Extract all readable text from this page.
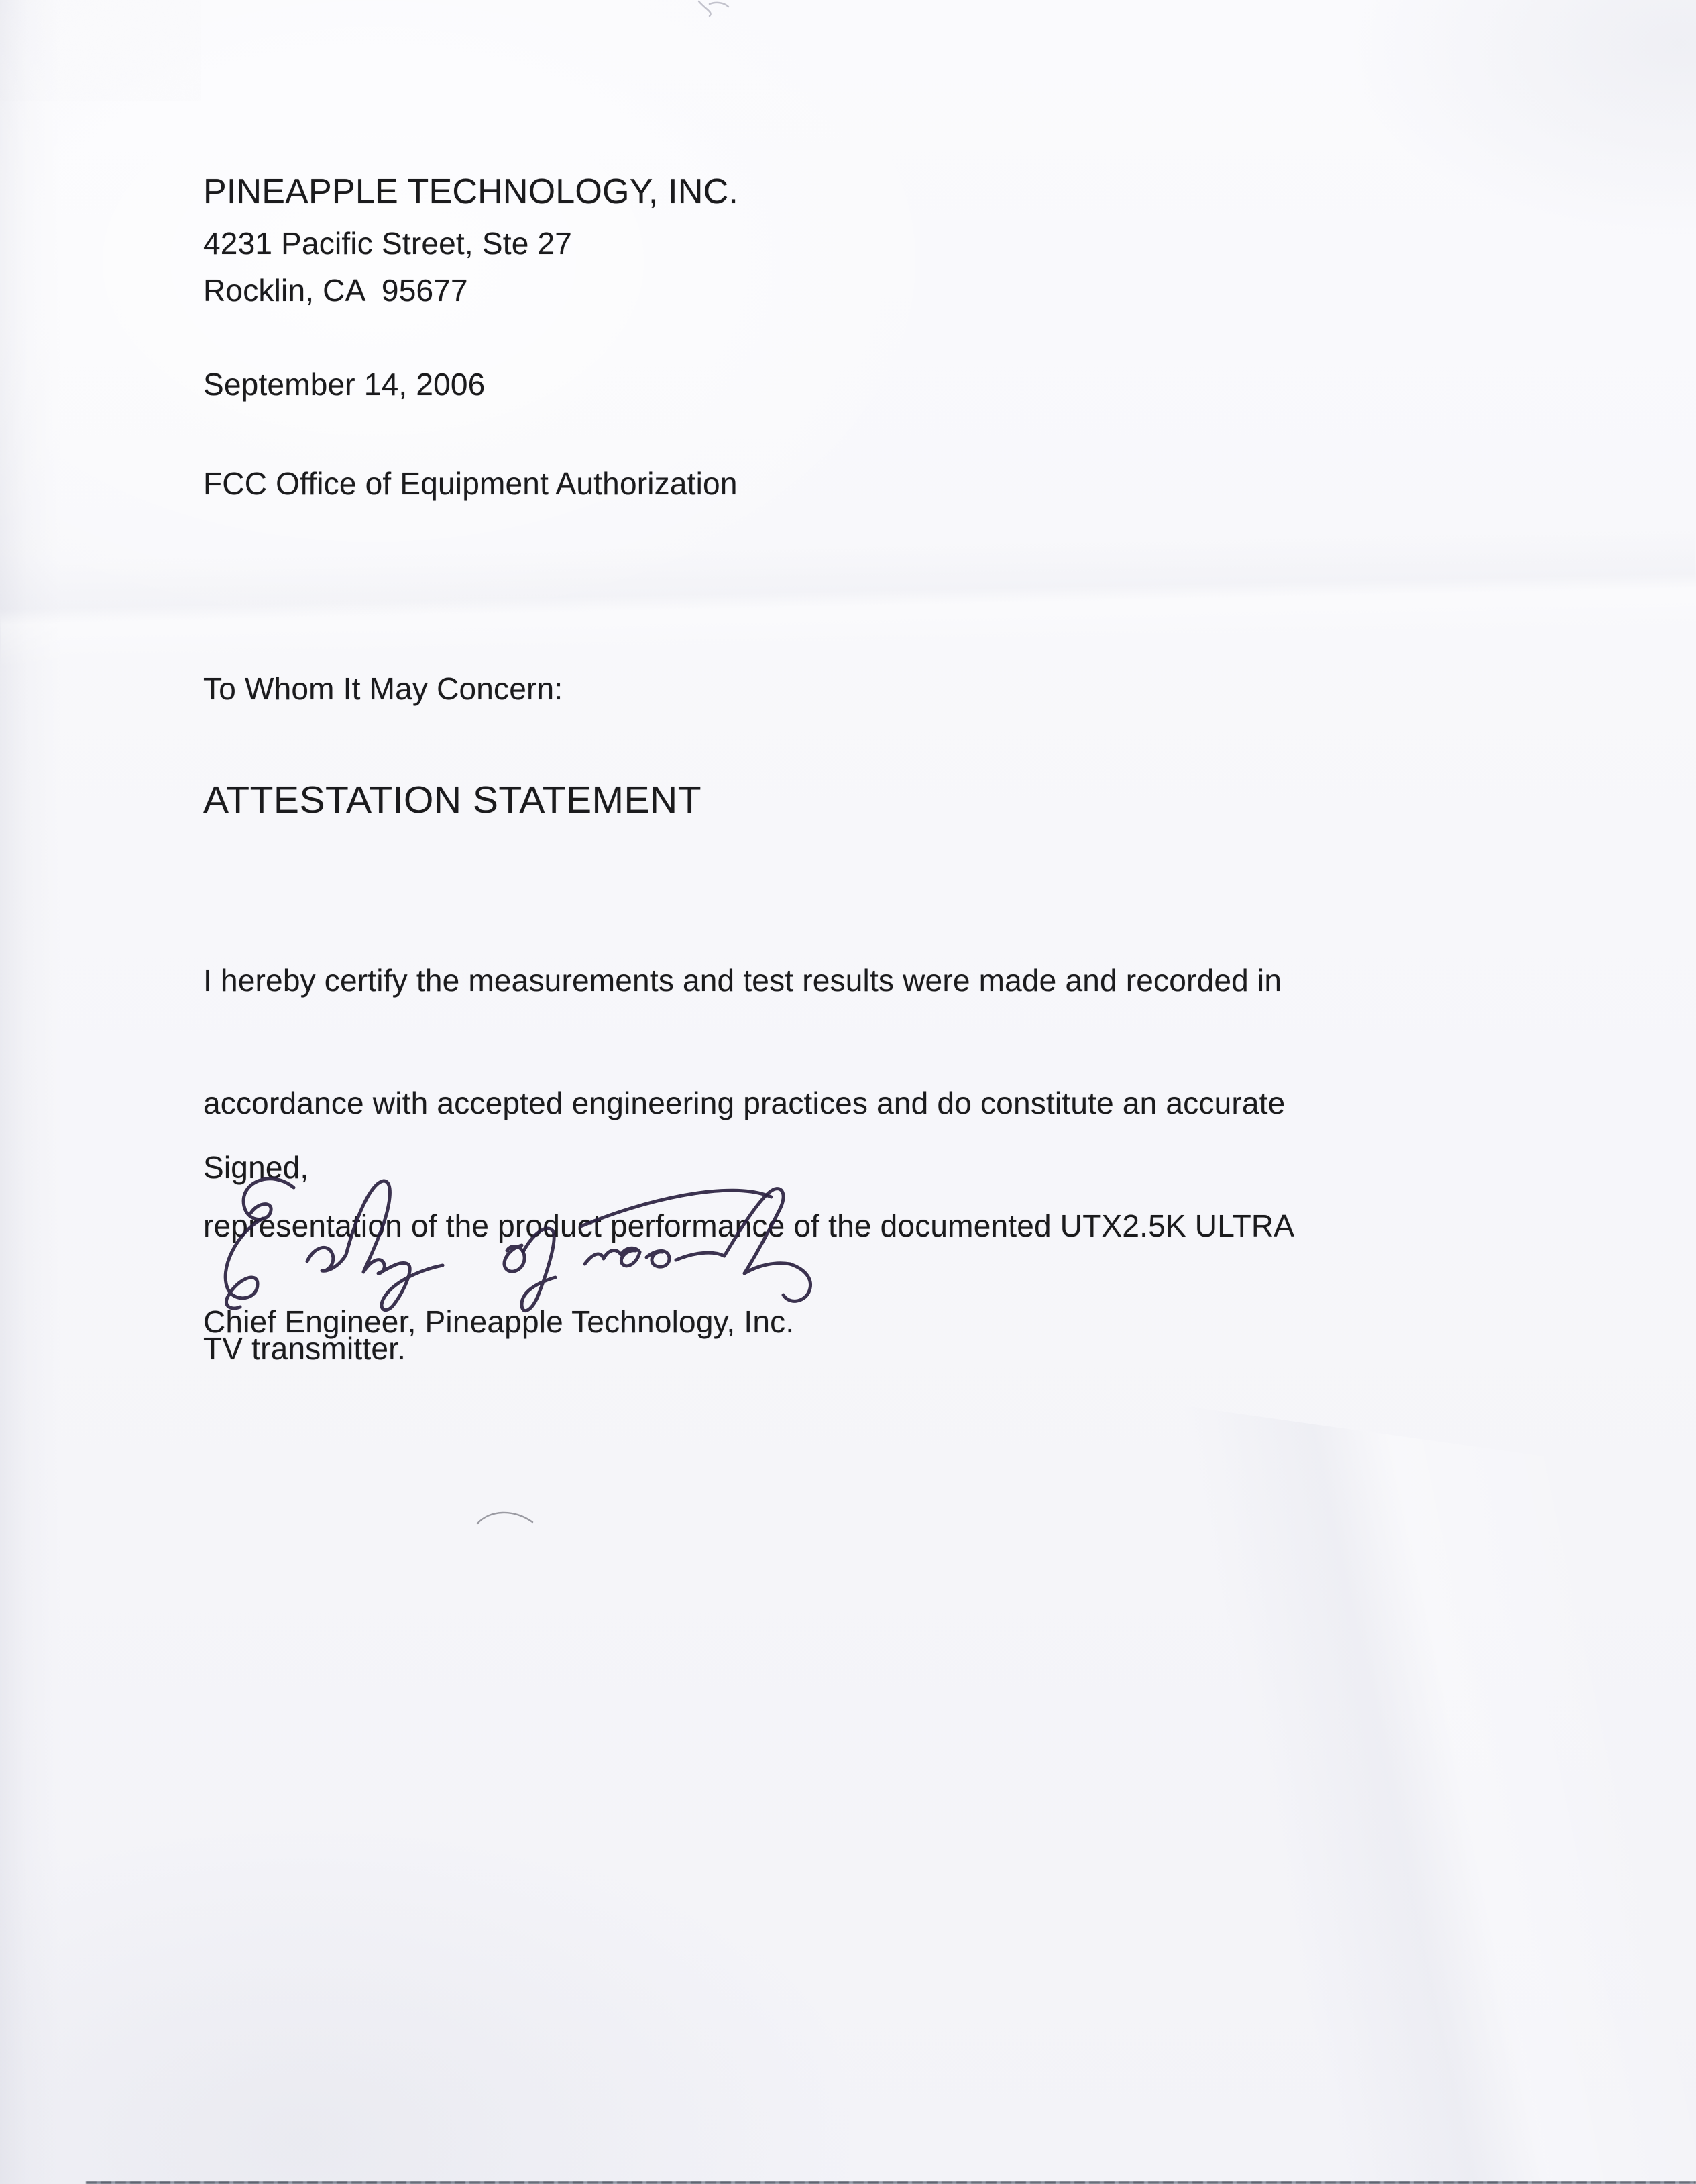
PINEAPPLE TECHNOLOGY, INC.
4231 Pacific Street, Ste 27
Rocklin, CA  95677
September 14, 2006
FCC Office of Equipment Authorization
To Whom It May Concern:
ATTESTATION STATEMENT

I hereby certify the measurements and test results were made and recorded in

accordance with accepted engineering practices and do constitute an accurate

representation of the product performance of the documented UTX2.5K ULTRA

TV transmitter.

Signed,
Chief Engineer, Pineapple Technology, Inc.
